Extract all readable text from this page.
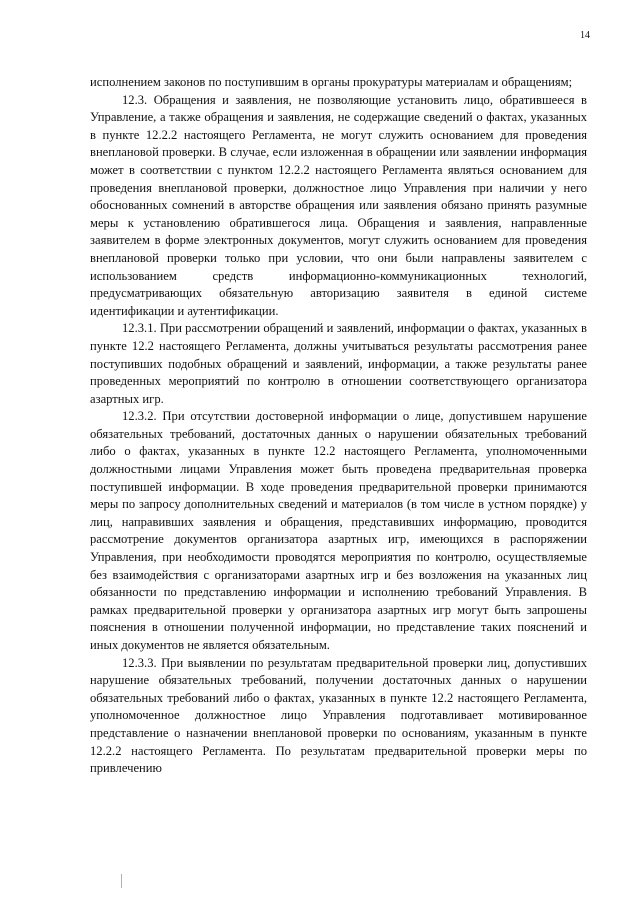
14

исполнением законов по поступившим в органы прокуратуры материалам и обращениям;

12.3. Обращения и заявления, не позволяющие установить лицо, обратившееся в Управление, а также обращения и заявления, не содержащие сведений о фактах, указанных в пункте 12.2.2 настоящего Регламента, не могут служить основанием для проведения внеплановой проверки. В случае, если изложенная в обращении или заявлении информация может в соответствии с пунктом 12.2.2 настоящего Регламента являться основанием для проведения внеплановой проверки, должностное лицо Управления при наличии у него обоснованных сомнений в авторстве обращения или заявления обязано принять разумные меры к установлению обратившегося лица. Обращения и заявления, направленные заявителем в форме электронных документов, могут служить основанием для проведения внеплановой проверки только при условии, что они были направлены заявителем с использованием средств информационно-коммуникационных технологий, предусматривающих обязательную авторизацию заявителя в единой системе идентификации и аутентификации.

12.3.1. При рассмотрении обращений и заявлений, информации о фактах, указанных в пункте 12.2 настоящего Регламента, должны учитываться результаты рассмотрения ранее поступивших подобных обращений и заявлений, информации, а также результаты ранее проведенных мероприятий по контролю в отношении соответствующего организатора азартных игр.

12.3.2. При отсутствии достоверной информации о лице, допустившем нарушение обязательных требований, достаточных данных о нарушении обязательных требований либо о фактах, указанных в пункте 12.2 настоящего Регламента, уполномоченными должностными лицами Управления может быть проведена предварительная проверка поступившей информации. В ходе проведения предварительной проверки принимаются меры по запросу дополнительных сведений и материалов (в том числе в устном порядке) у лиц, направивших заявления и обращения, представивших информацию, проводится рассмотрение документов организатора азартных игр, имеющихся в распоряжении Управления, при необходимости проводятся мероприятия по контролю, осуществляемые без взаимодействия с организаторами азартных игр и без возложения на указанных лиц обязанности по представлению информации и исполнению требований Управления. В рамках предварительной проверки у организатора азартных игр могут быть запрошены пояснения в отношении полученной информации, но представление таких пояснений и иных документов не является обязательным.

12.3.3. При выявлении по результатам предварительной проверки лиц, допустивших нарушение обязательных требований, получении достаточных данных о нарушении обязательных требований либо о фактах, указанных в пункте 12.2 настоящего Регламента, уполномоченное должностное лицо Управления подготавливает мотивированное представление о назначении внеплановой проверки по основаниям, указанным в пункте 12.2.2 настоящего Регламента. По результатам предварительной проверки меры по привлечению
